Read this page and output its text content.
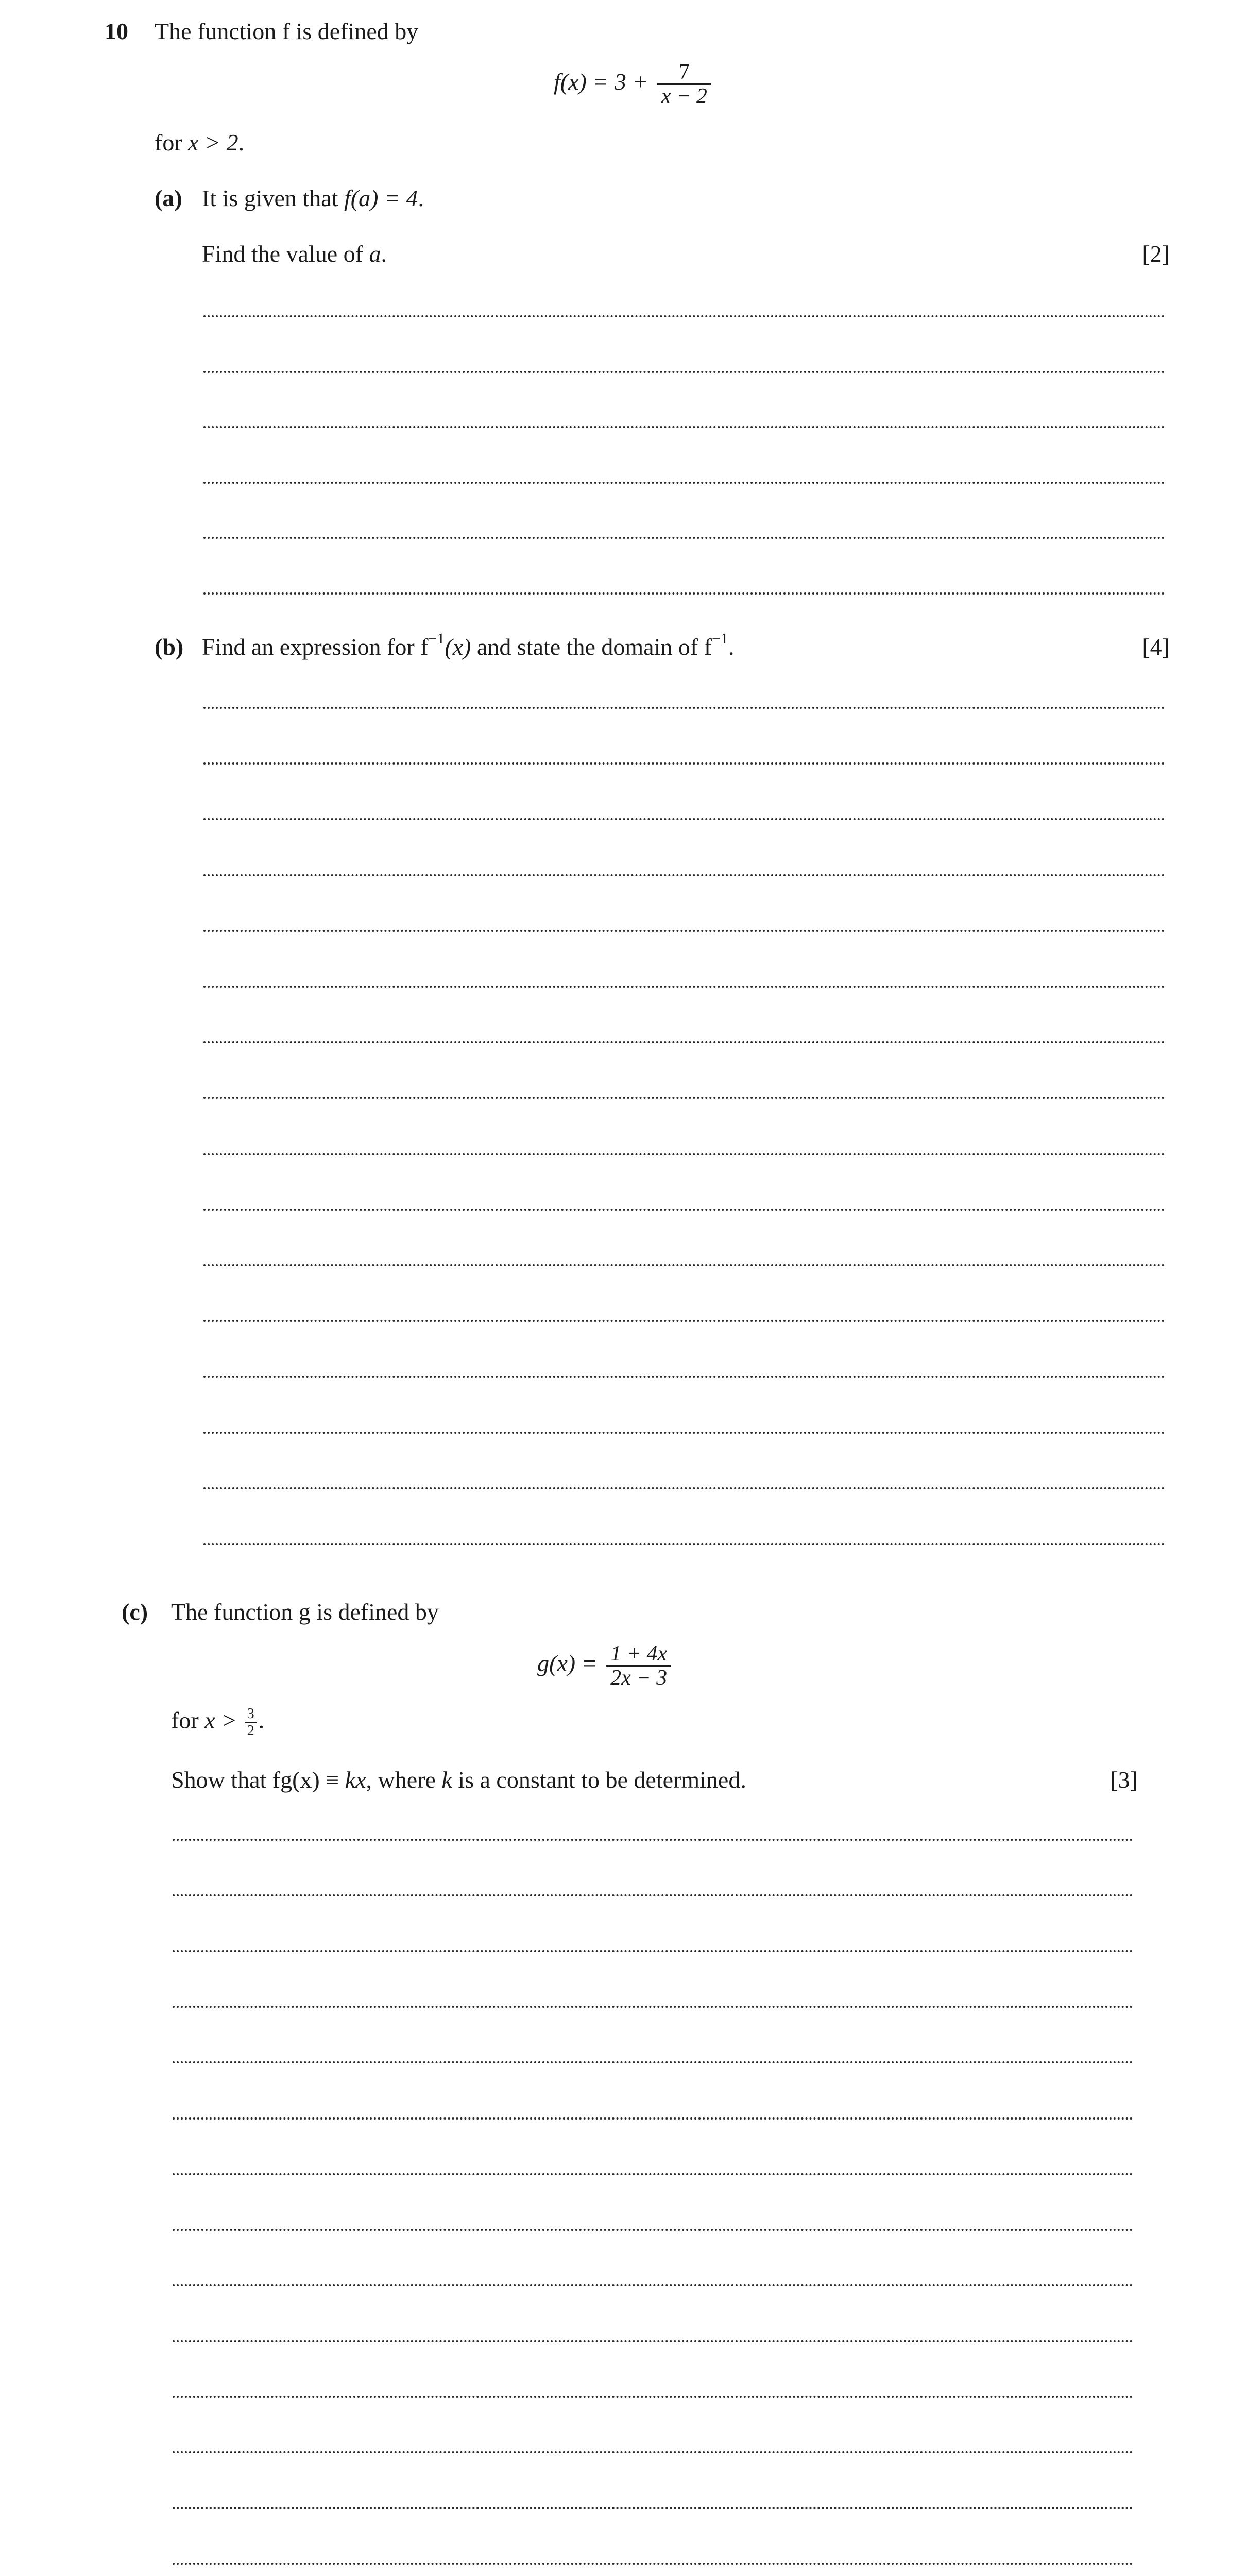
10 The function f is defined by
$f(x) = 3 + \frac{7}{x - 2}$
for x > 2.
(a) It is given that f(a) = 4.
Find the value of a.	[2]
(b) Find an expression for $f^{-1}(x)$ and state the domain of $f^{-1}$.	[4]
(c) The function g is defined by
$g(x) = \frac{1 + 4x}{2x - 3}$
for $x > \frac{3}{2}$ .
Show that fg(x) ≡ kx, where k is a constant to be determined.	[3]
